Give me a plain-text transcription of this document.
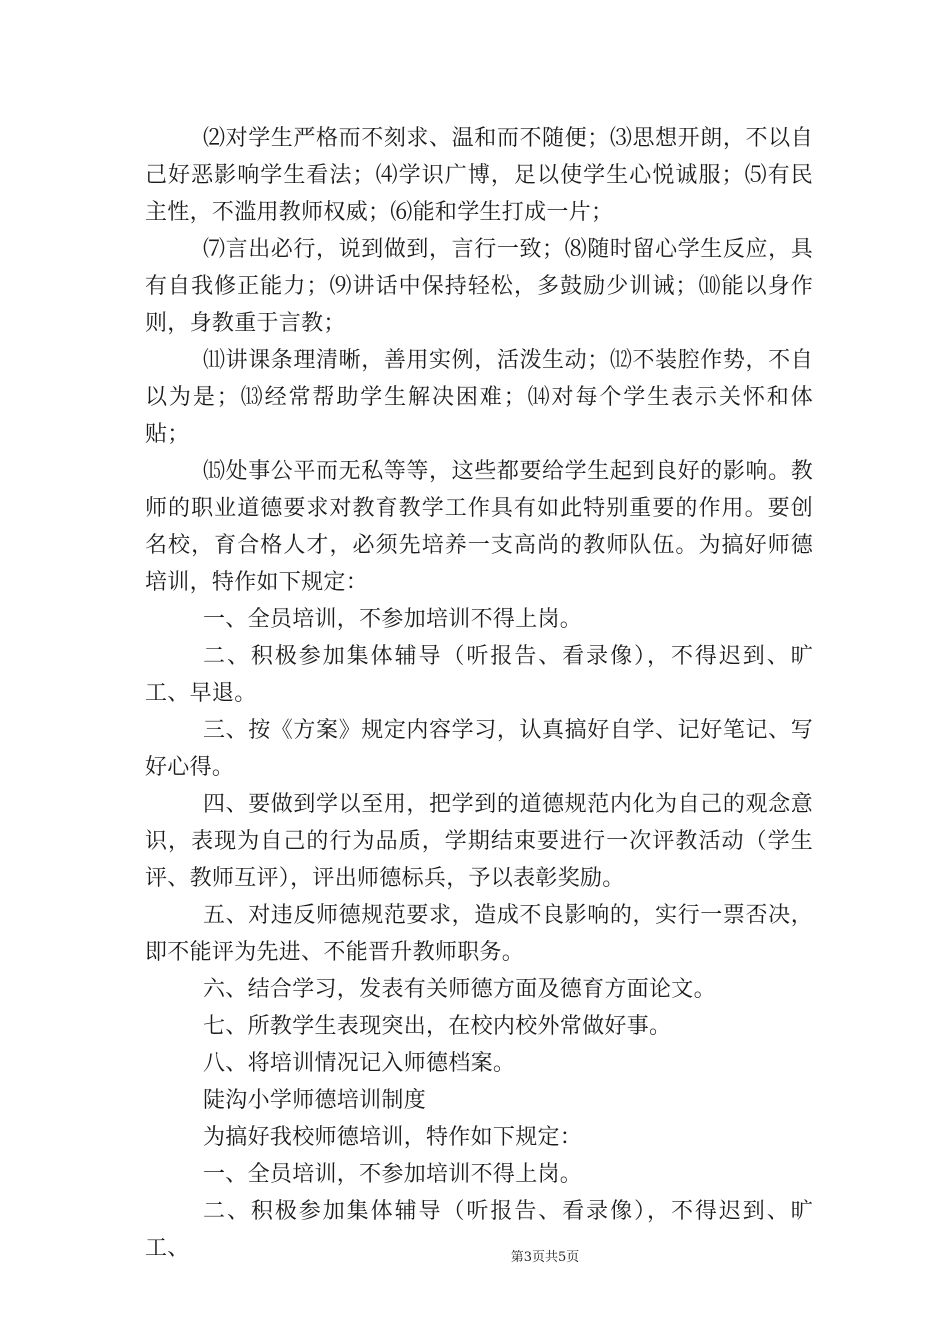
⑵对学生严格而不刻求、温和而不随便；⑶思想开朗，不以自己好恶影响学生看法；⑷学识广博，足以使学生心悦诚服；⑸有民主性，不滥用教师权威；⑹能和学生打成一片；

⑺言出必行，说到做到，言行一致；⑻随时留心学生反应，具有自我修正能力；⑼讲话中保持轻松，多鼓励少训诫；⑽能以身作则，身教重于言教；

⑾讲课条理清晰，善用实例，活泼生动；⑿不装腔作势，不自以为是；⒀经常帮助学生解决困难；⒁对每个学生表示关怀和体贴；

⒂处事公平而无私等等，这些都要给学生起到良好的影响。教师的职业道德要求对教育教学工作具有如此特别重要的作用。要创名校，育合格人才，必须先培养一支高尚的教师队伍。为搞好师德培训，特作如下规定：

一、全员培训，不参加培训不得上岗。

二、积极参加集体辅导（听报告、看录像），不得迟到、旷工、早退。

三、按《方案》规定内容学习，认真搞好自学、记好笔记、写好心得。

四、要做到学以至用，把学到的道德规范内化为自己的观念意识，表现为自己的行为品质，学期结束要进行一次评教活动（学生评、教师互评），评出师德标兵，予以表彰奖励。

五、对违反师德规范要求，造成不良影响的，实行一票否决，即不能评为先进、不能晋升教师职务。

六、结合学习，发表有关师德方面及德育方面论文。

七、所教学生表现突出，在校内校外常做好事。

八、将培训情况记入师德档案。

陡沟小学师德培训制度

为搞好我校师德培训，特作如下规定：

一、全员培训，不参加培训不得上岗。

二、积极参加集体辅导（听报告、看录像），不得迟到、旷工、	第3页共5页
